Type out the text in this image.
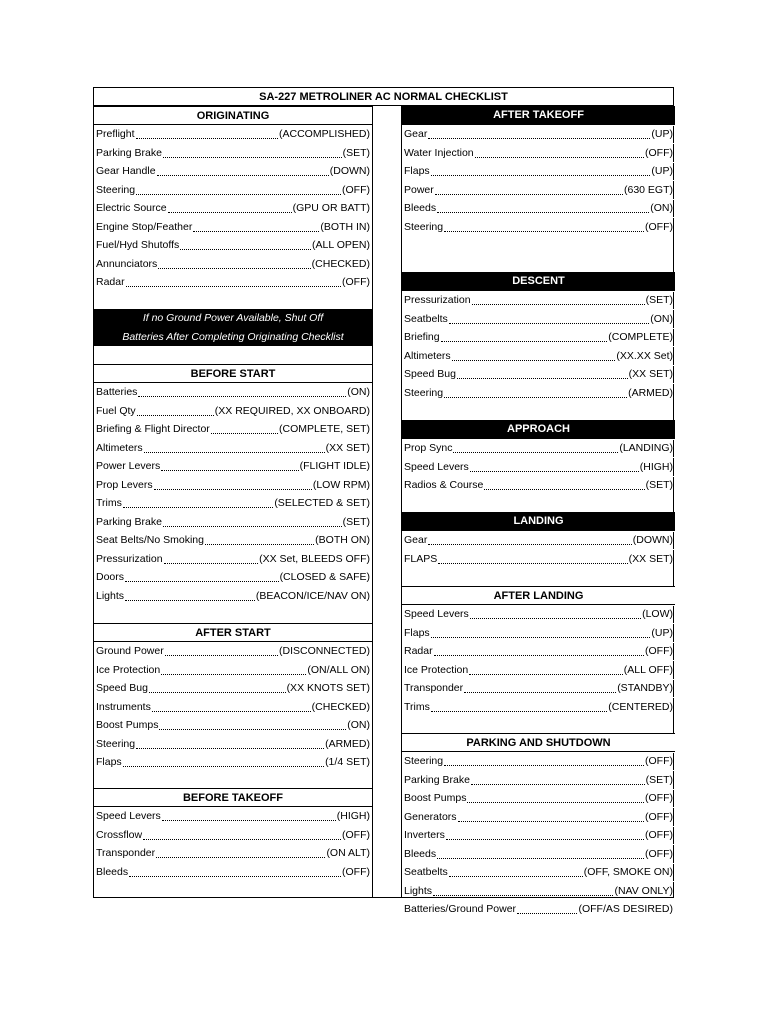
SA-227 METROLINER AC NORMAL CHECKLIST
ORIGINATING
Preflight	(ACCOMPLISHED)
Parking Brake	(SET)
Gear Handle	(DOWN)
Steering	(OFF)
Electric Source	(GPU OR BATT)
Engine Stop/Feather	(BOTH IN)
Fuel/Hyd Shutoffs	(ALL OPEN)
Annunciators	(CHECKED)
Radar	(OFF)
If no Ground Power Available, Shut Off
Batteries After Completing Originating Checklist
BEFORE START
Batteries	(ON)
Fuel Qty	(XX REQUIRED, XX ONBOARD)
Briefing & Flight Director	(COMPLETE, SET)
Altimeters	(XX SET)
Power Levers	(FLIGHT IDLE)
Prop Levers	(LOW RPM)
Trims	(SELECTED & SET)
Parking Brake	(SET)
Seat Belts/No Smoking	(BOTH ON)
Pressurization	(XX Set, BLEEDS OFF)
Doors	(CLOSED & SAFE)
Lights	(BEACON/ICE/NAV ON)
AFTER START
Ground Power	(DISCONNECTED)
Ice Protection	(ON/ALL ON)
Speed Bug	(XX KNOTS SET)
Instruments	(CHECKED)
Boost Pumps	(ON)
Steering	(ARMED)
Flaps	(1/4 SET)
BEFORE TAKEOFF
Speed Levers	(HIGH)
Crossflow	(OFF)
Transponder	(ON ALT)
Bleeds	(OFF)
AFTER TAKEOFF
Gear	(UP)
Water Injection	(OFF)
Flaps	(UP)
Power	(630 EGT)
Bleeds	(ON)
Steering	(OFF)
DESCENT
Pressurization	(SET)
Seatbelts	(ON)
Briefing	(COMPLETE)
Altimeters	(XX.XX Set)
Speed Bug	(XX SET)
Steering	(ARMED)
APPROACH
Prop Sync	(LANDING)
Speed Levers	(HIGH)
Radios & Course	(SET)
LANDING
Gear	(DOWN)
FLAPS	(XX SET)
AFTER LANDING
Speed Levers	(LOW)
Flaps	(UP)
Radar	(OFF)
Ice Protection	(ALL OFF)
Transponder	(STANDBY)
Trims	(CENTERED)
PARKING AND SHUTDOWN
Steering	(OFF)
Parking Brake	(SET)
Boost Pumps	(OFF)
Generators	(OFF)
Inverters	(OFF)
Bleeds	(OFF)
Seatbelts	(OFF, SMOKE ON)
Lights	(NAV ONLY)
Batteries/Ground Power	(OFF/AS DESIRED)
